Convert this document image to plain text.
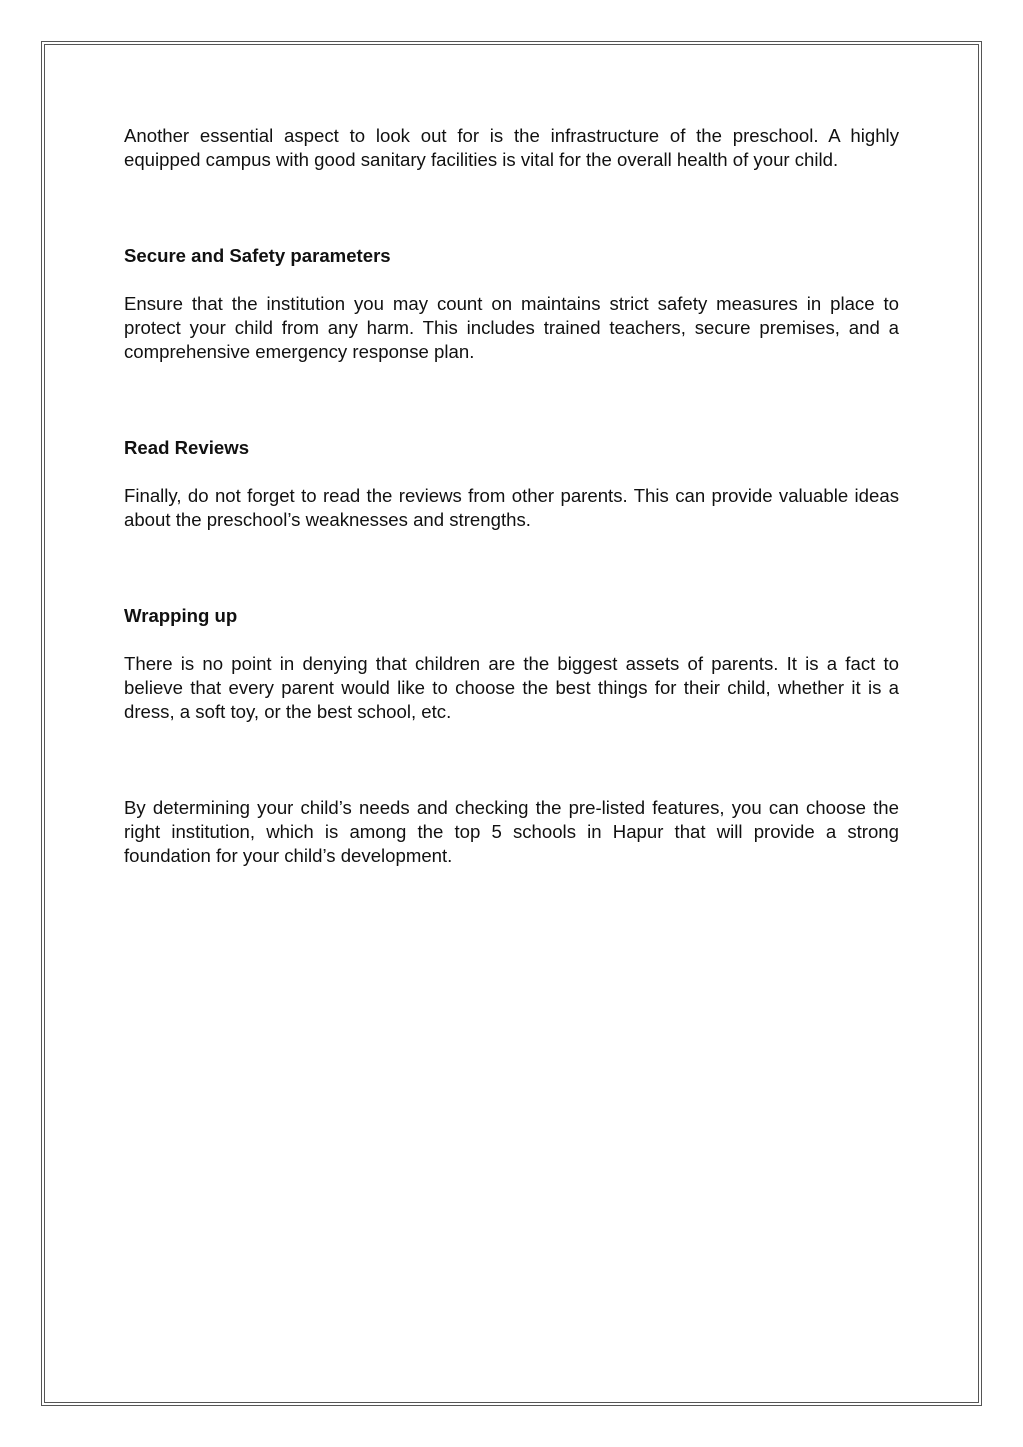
Another essential aspect to look out for is the infrastructure of the preschool. A highly equipped campus with good sanitary facilities is vital for the overall health of your child.

Secure and Safety parameters

Ensure that the institution you may count on maintains strict safety measures in place to protect your child from any harm. This includes trained teachers, secure premises, and a comprehensive emergency response plan.

Read Reviews

Finally, do not forget to read the reviews from other parents. This can provide valuable ideas about the preschool’s weaknesses and strengths.

Wrapping up

There is no point in denying that children are the biggest assets of parents. It is a fact to believe that every parent would like to choose the best things for their child, whether it is a dress, a soft toy, or the best school, etc.

By determining your child’s needs and checking the pre-listed features, you can choose the right institution, which is among the top 5 schools in Hapur that will provide a strong foundation for your child’s development.
